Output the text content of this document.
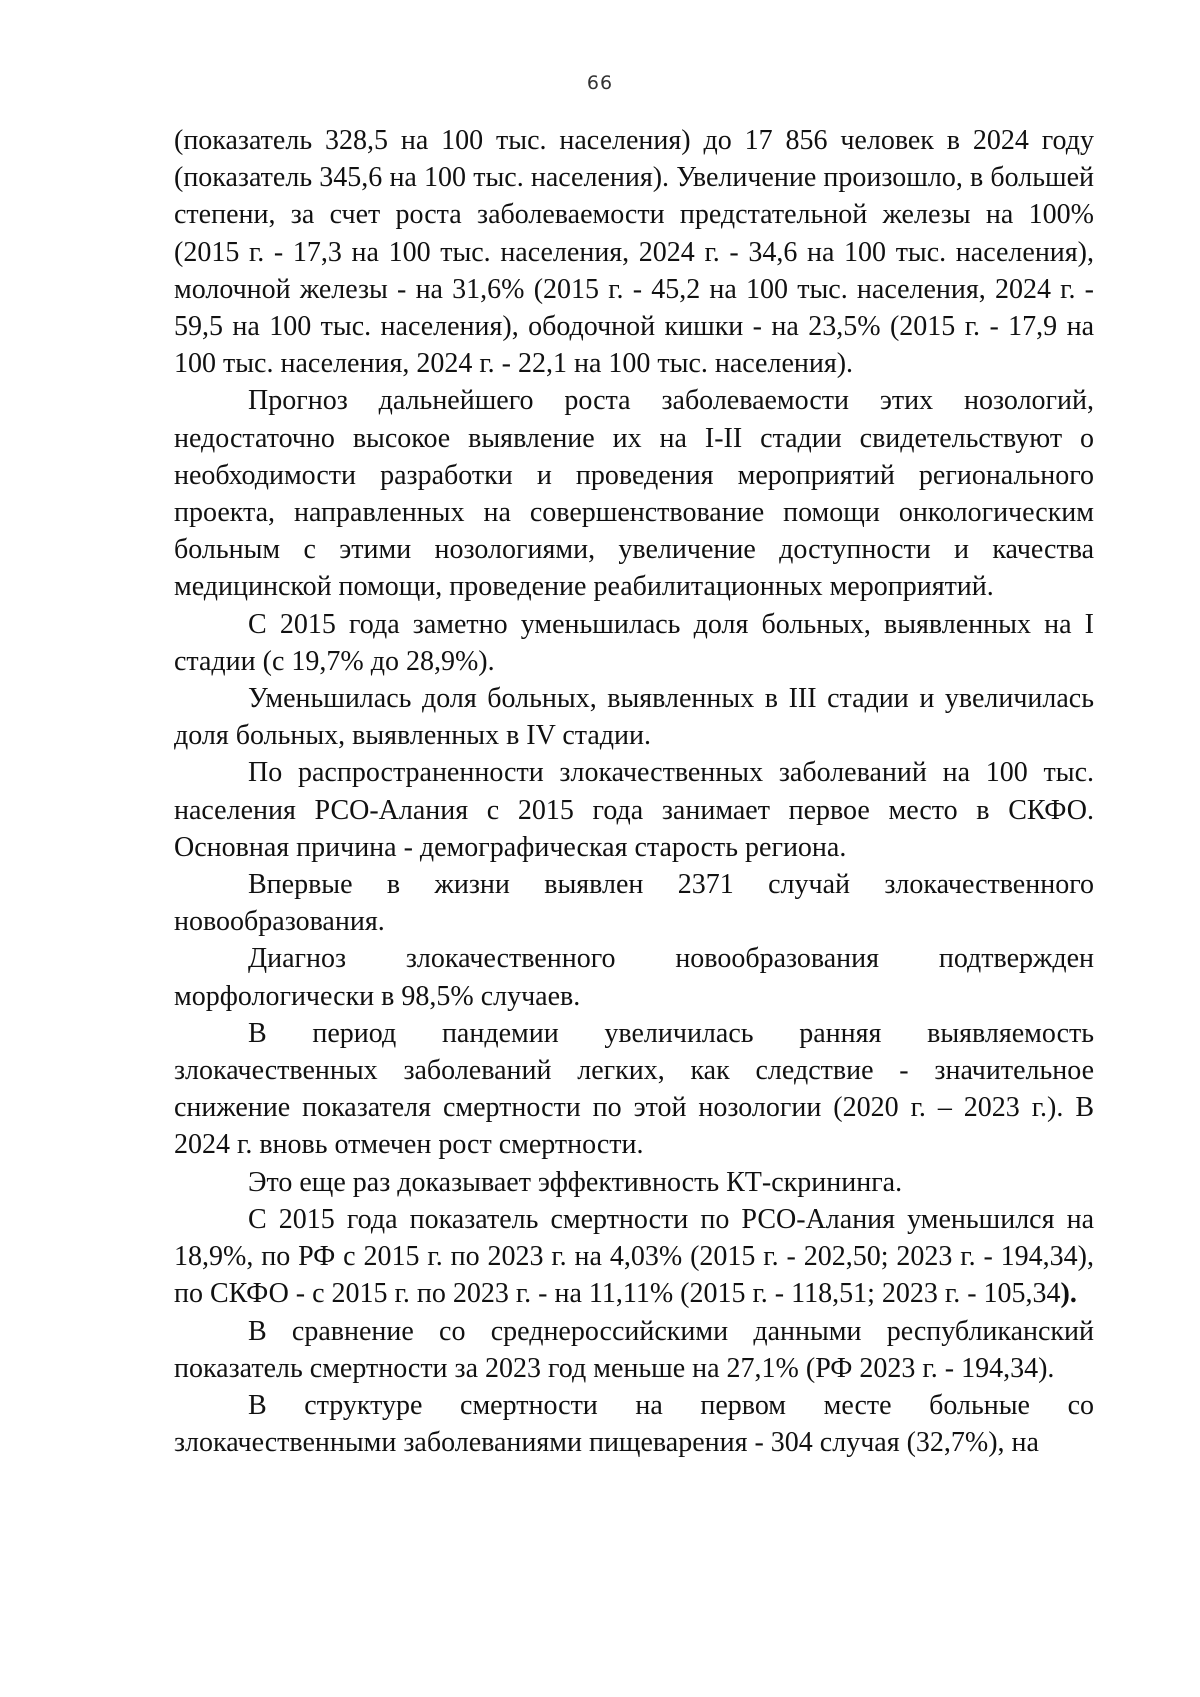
66

(показатель 328,5 на 100 тыс. населения) до 17 856 человек в 2024 году (показатель 345,6 на 100 тыс. населения). Увеличение произошло, в большей степени, за счет роста заболеваемости предстательной железы на 100% (2015 г. - 17,3 на 100 тыс. населения, 2024 г. - 34,6 на 100 тыс. населения), молочной железы - на 31,6% (2015 г. - 45,2 на 100 тыс. населения, 2024 г. - 59,5 на 100 тыс. населения), ободочной кишки - на 23,5% (2015 г. - 17,9 на 100 тыс. населения, 2024 г. - 22,1 на 100 тыс. населения).

Прогноз дальнейшего роста заболеваемости этих нозологий, недостаточно высокое выявление их на I-II стадии свидетельствуют о необходимости разработки и проведения мероприятий регионального проекта, направленных на совершенствование помощи онкологическим больным с этими нозологиями, увеличение доступности и качества медицинской помощи, проведение реабилитационных мероприятий.

С 2015 года заметно уменьшилась доля больных, выявленных на I стадии (с 19,7% до 28,9%).

Уменьшилась доля больных, выявленных в III стадии и увеличилась доля больных, выявленных в IV стадии.

По распространенности злокачественных заболеваний на 100 тыс. населения РСО-Алания с 2015 года занимает первое место в СКФО. Основная причина - демографическая старость региона.

Впервые в жизни выявлен 2371 случай злокачественного новообразования.

Диагноз злокачественного новообразования подтвержден морфологически в 98,5% случаев.

В период пандемии увеличилась ранняя выявляемость злокачественных заболеваний легких, как следствие - значительное снижение показателя смертности по этой нозологии (2020 г. – 2023 г.). В 2024 г. вновь отмечен рост смертности.

Это еще раз доказывает эффективность КТ-скрининга.

С 2015 года показатель смертности по РСО-Алания уменьшился на 18,9%, по РФ с 2015 г. по 2023 г. на 4,03% (2015 г. - 202,50; 2023 г. - 194,34), по СКФО - с 2015 г. по 2023 г. - на 11,11% (2015 г. - 118,51; 2023 г. - 105,34).

В сравнение со среднероссийскими данными республиканский показатель смертности за 2023 год меньше на 27,1% (РФ 2023 г. - 194,34).

В структуре смертности на первом месте больные со злокачественными заболеваниями пищеварения - 304 случая (32,7%), на
